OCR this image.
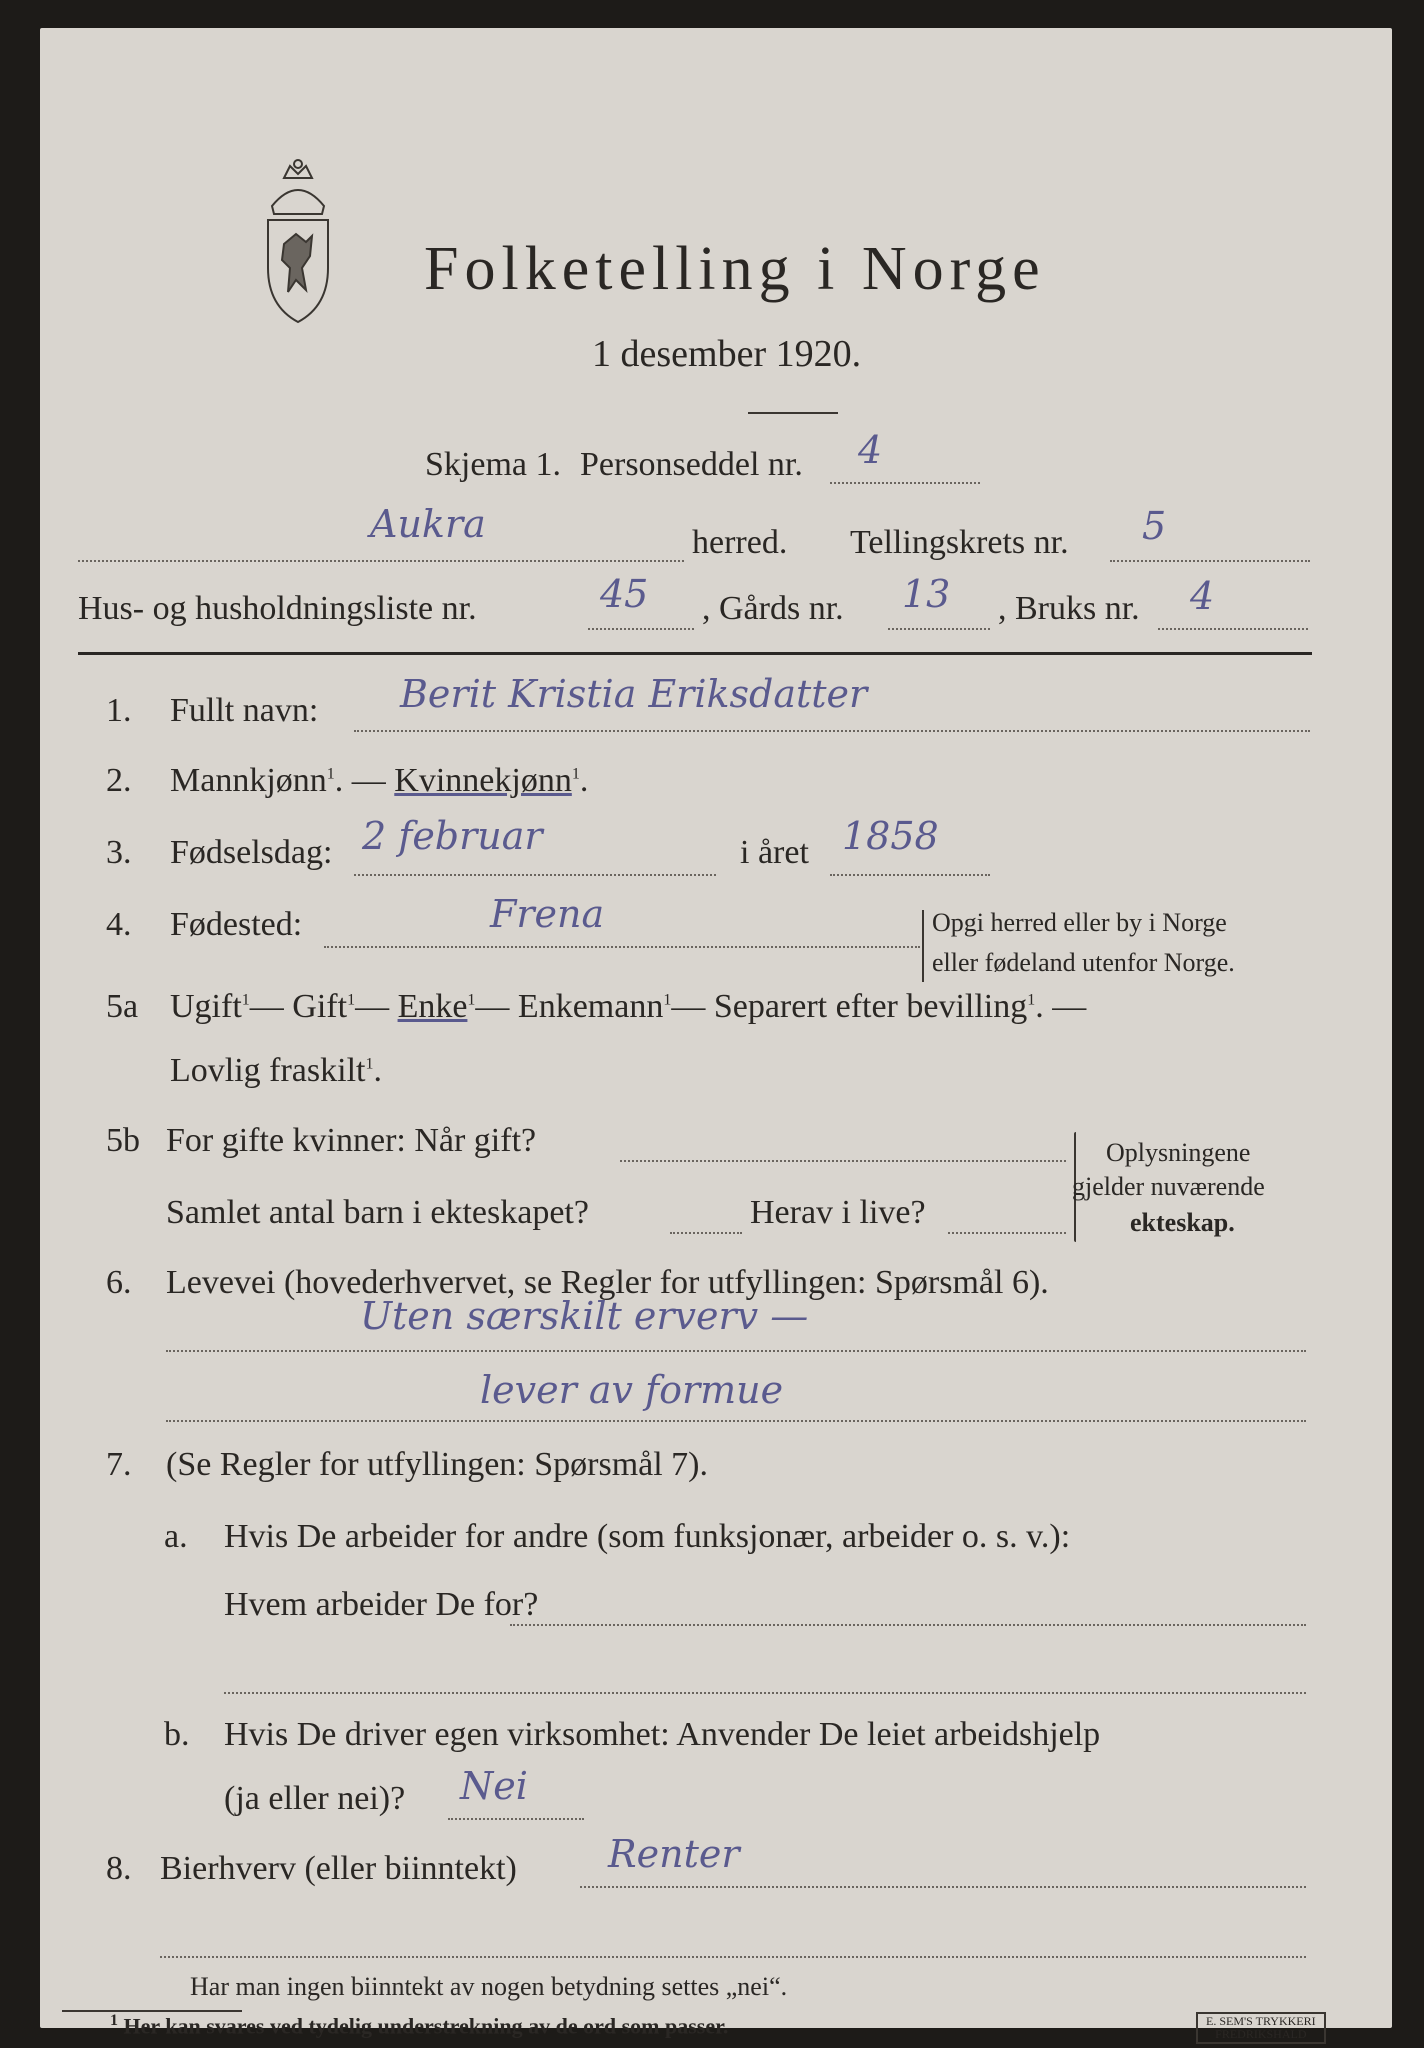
Folketelling i Norge
1 desember 1920.
Skjema 1. Personseddel nr. 4
Aukra	herred. Tellingskrets nr. 5
Hus- og husholdningsliste nr.	45 , Gårds nr. 13 , Bruks nr. 4
1. Fullt navn: Berit Kristia Eriksdatter
2. Mannkjønn$^1$. — Kvinnekjønn$^1$.
3. Fødselsdag: 2 februar	i året 1858
4. Fødested:	Frena	Opgi herred eller by i Norge
eller fødeland utenfor Norge.
5a Ugift$^1$— Gift$^1$— Enke$^1$— Enkemann$^1$— Separert efter bevilling$^1$. —
Lovlig fraskilt$^1$.
5b For gifte kvinner: Når gift?
Samlet antal barn i ekteskapet?	Herav i live?
Oplysningene
gjelder nuværende
ekteskap.
6. Levevei (hovederhvervet, se Regler for utfyllingen: Spørsmål 6).
Uten særskilt erverv —
lever av formue
7. (Se Regler for utfyllingen: Spørsmål 7).
a. Hvis De arbeider for andre (som funksjonær, arbeider o. s. v.):
Hvem arbeider De for?
b. Hvis De driver egen virksomhet: Anvender De leiet arbeidshjelp
(ja eller nei)? Nei
8. Bierhverv (eller biinntekt) Renter
Har man ingen biinntekt av nogen betydning settes „nei“.
$^1$ Her kan svares ved tydelig understrekning av de ord som passer.	E. SEM'S TRYKKERI
FREDRIKSHALD
